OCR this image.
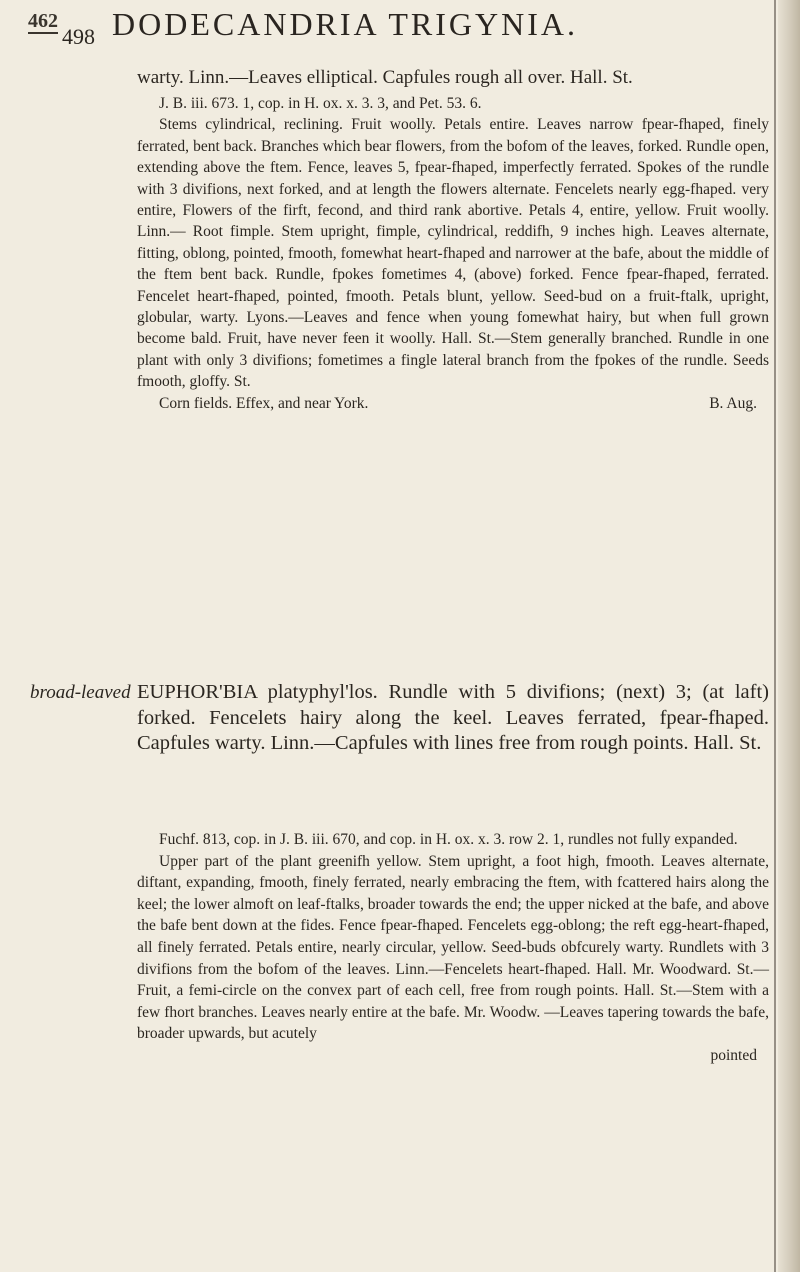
462
498 DODECANDRIA TRIGYNIA.

warty. Linn.—Leaves elliptical. Capfules rough all over. Hall. St.

J. B. iii. 673. 1, cop. in H. ox. x. 3. 3, and Pet. 53. 6.

Stems cylindrical, reclining. Fruit woolly. Petals entire. Leaves narrow fpear-fhaped, finely ferrated, bent back. Branches which bear flowers, from the bofom of the leaves, forked. Rundle open, extending above the ftem. Fence, leaves 5, fpear-fhaped, imperfectly ferrated. Spokes of the rundle with 3 divifions, next forked, and at length the flowers alternate. Fencelets nearly egg-fhaped. very entire, Flowers of the firft, fecond, and third rank abortive. Petals 4, entire, yellow. Fruit woolly. Linn.— Root fimple. Stem upright, fimple, cylindrical, reddifh, 9 inches high. Leaves alternate, fitting, oblong, pointed, fmooth, fomewhat heart-fhaped and narrower at the bafe, about the middle of the ftem bent back. Rundle, fpokes fometimes 4, (above) forked. Fence fpear-fhaped, ferrated. Fencelet heart-fhaped, pointed, fmooth. Petals blunt, yellow. Seed-bud on a fruit-ftalk, upright, globular, warty. Lyons.—Leaves and fence when young fomewhat hairy, but when full grown become bald. Fruit, have never feen it woolly. Hall. St.—Stem generally branched. Rundle in one plant with only 3 divifions; fometimes a fingle lateral branch from the fpokes of the rundle. Seeds fmooth, gloffy. St.

Corn fields. Effex, and near York.	B. Aug.

broad-leaved EUPHOR'BIA platyphyl'los. Rundle with 5 divifions; (next) 3; (at laft) forked. Fencelets hairy along the keel. Leaves ferrated, fpear-fhaped. Capfules warty. Linn.—Capfules with lines free from rough points. Hall. St.

Fuchf. 813, cop. in J. B. iii. 670, and cop. in H. ox. x. 3. row 2. 1, rundles not fully expanded.

Upper part of the plant greenifh yellow. Stem upright, a foot high, fmooth. Leaves alternate, diftant, expanding, fmooth, finely ferrated, nearly embracing the ftem, with fcattered hairs along the keel; the lower almoft on leaf-ftalks, broader towards the end; the upper nicked at the bafe, and above the bafe bent down at the fides. Fence fpear-fhaped. Fencelets egg-oblong; the reft egg-heart-fhaped, all finely ferrated. Petals entire, nearly circular, yellow. Seed-buds obfcurely warty. Rundlets with 3 divifions from the bofom of the leaves. Linn.—Fencelets heart-fhaped. Hall. Mr. Woodward. St.—Fruit, a femi-circle on the convex part of each cell, free from rough points. Hall. St.—Stem with a few fhort branches. Leaves nearly entire at the bafe. Mr. Woodw. —Leaves tapering towards the bafe, broader upwards, but acutely

pointed
